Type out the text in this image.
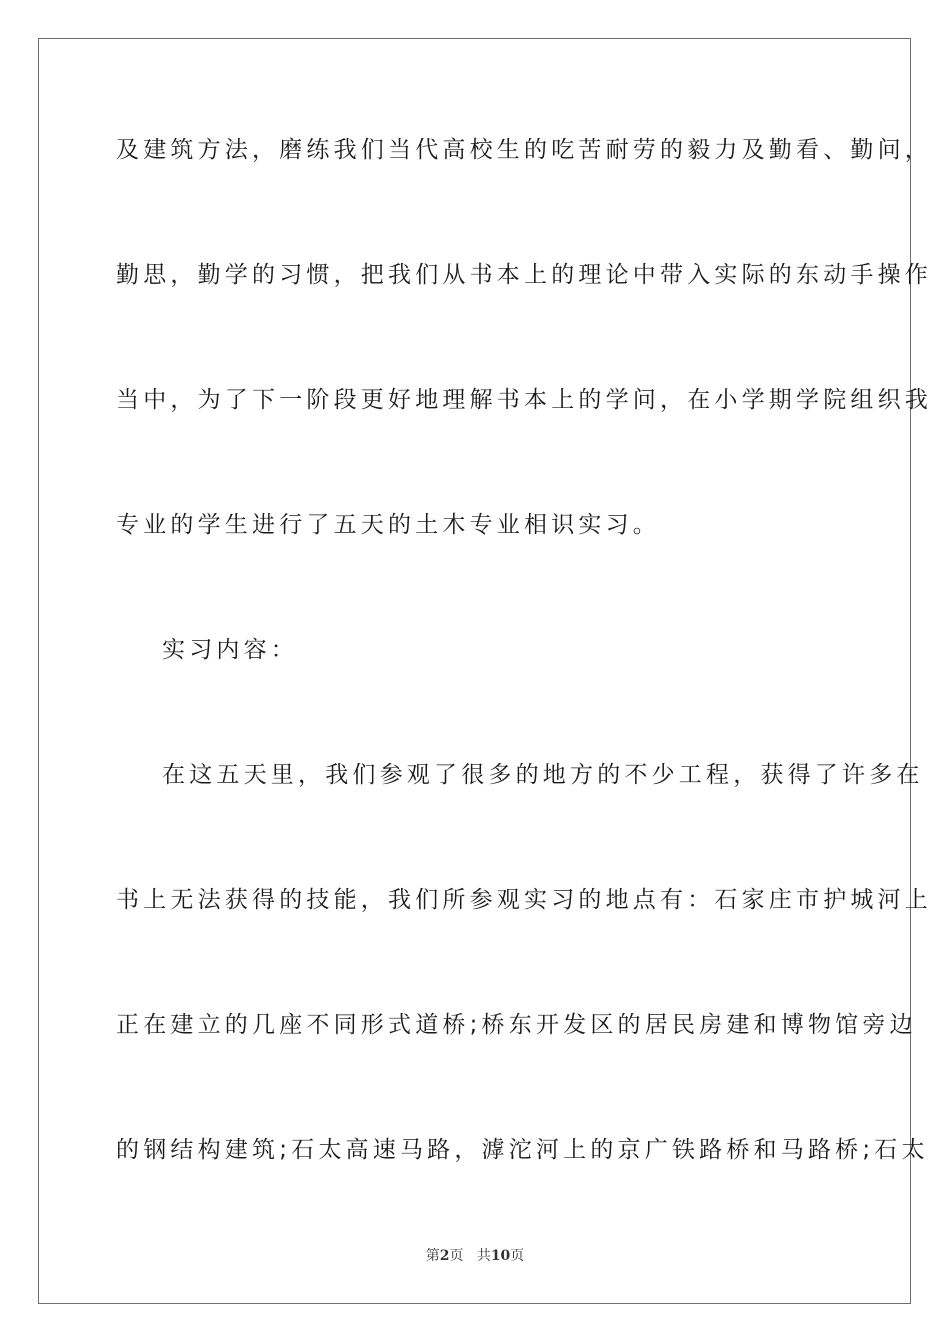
及建筑方法，磨练我们当代高校生的吃苦耐劳的毅力及勤看、勤问，
勤思，勤学的习惯，把我们从书本上的理论中带入实际的东动手操作
当中，为了下一阶段更好地理解书本上的学问，在小学期学院组织我
专业的学生进行了五天的土木专业相识实习。
实习内容：
在这五天里，我们参观了很多的地方的不少工程，获得了许多在
书上无法获得的技能，我们所参观实习的地点有：石家庄市护城河上
正在建立的几座不同形式道桥;桥东开发区的居民房建和博物馆旁边
的钢结构建筑;石太高速马路，滹沱河上的京广铁路桥和马路桥;石太
第2页 共10页
